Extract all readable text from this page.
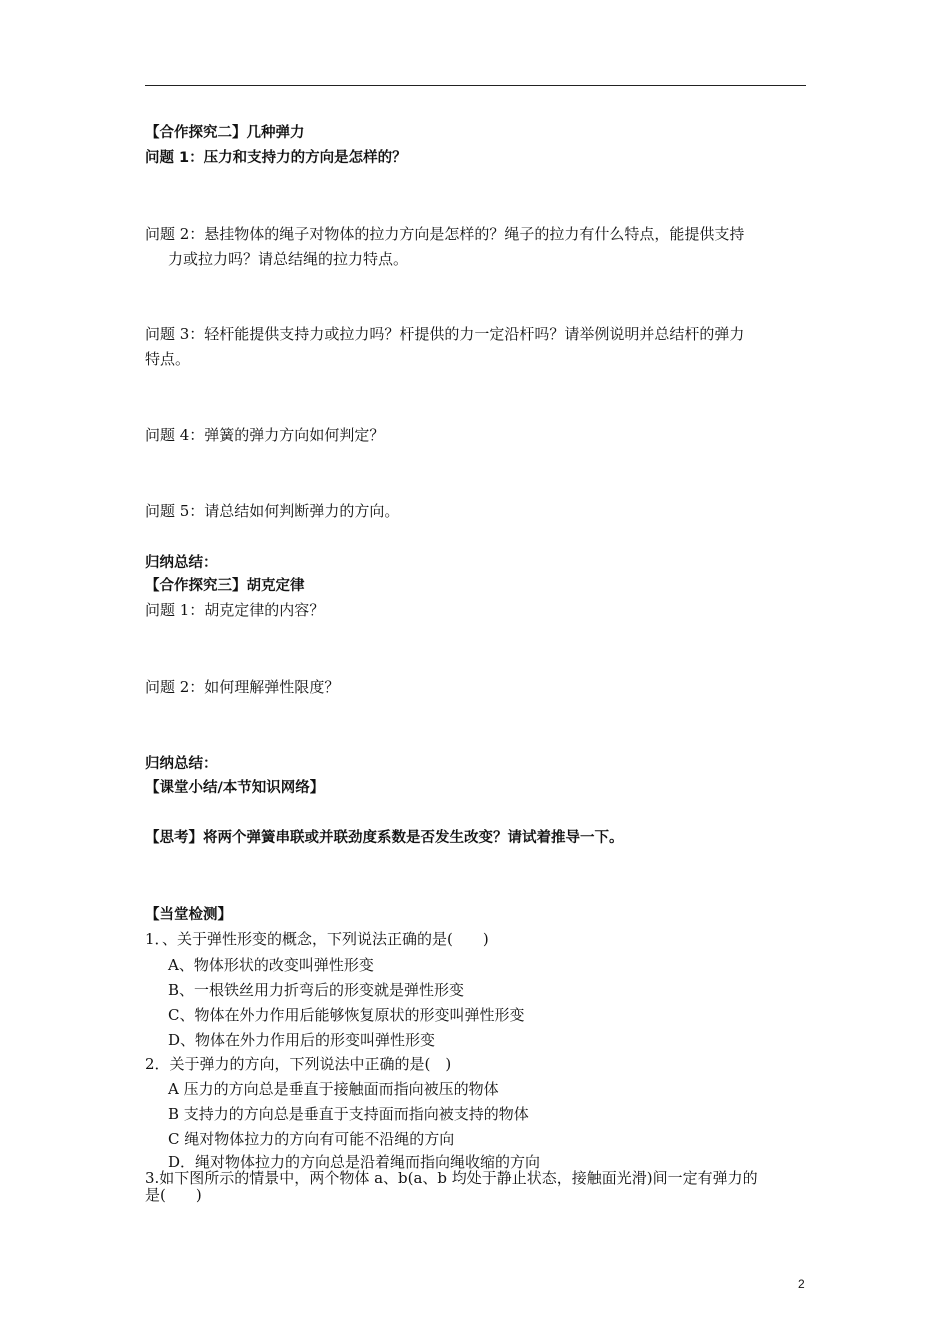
【合作探究二】几种弹力
问题 1：压力和支持力的方向是怎样的？
问题 2：悬挂物体的绳子对物体的拉力方向是怎样的？绳子的拉力有什么特点，能提供支持
力或拉力吗？请总结绳的拉力特点。
问题 3：轻杆能提供支持力或拉力吗？杆提供的力一定沿杆吗？请举例说明并总结杆的弹力
特点。
问题 4：弹簧的弹力方向如何判定？
问题 5：请总结如何判断弹力的方向。
归纳总结：
【合作探究三】胡克定律
问题 1：胡克定律的内容？
问题 2：如何理解弹性限度？
归纳总结：
【课堂小结/本节知识网络】
【思考】将两个弹簧串联或并联劲度系数是否发生改变？请试着推导一下。
【当堂检测】
1．、关于弹性形变的概念，下列说法正确的是(　　)
A、物体形状的改变叫弹性形变
B、一根铁丝用力折弯后的形变就是弹性形变
C、物体在外力作用后能够恢复原状的形变叫弹性形变
D、物体在外力作用后的形变叫弹性形变
2．关于弹力的方向，下列说法中正确的是(　)
A 压力的方向总是垂直于接触面而指向被压的物体
B 支持力的方向总是垂直于支持面而指向被支持的物体
C 绳对物体拉力的方向有可能不沿绳的方向
D．绳对物体拉力的方向总是沿着绳而指向绳收缩的方向
3.如下图所示的情景中，两个物体 a、b(a、b 均处于静止状态，接触面光滑)间一定有弹力的
是(　　)
2
